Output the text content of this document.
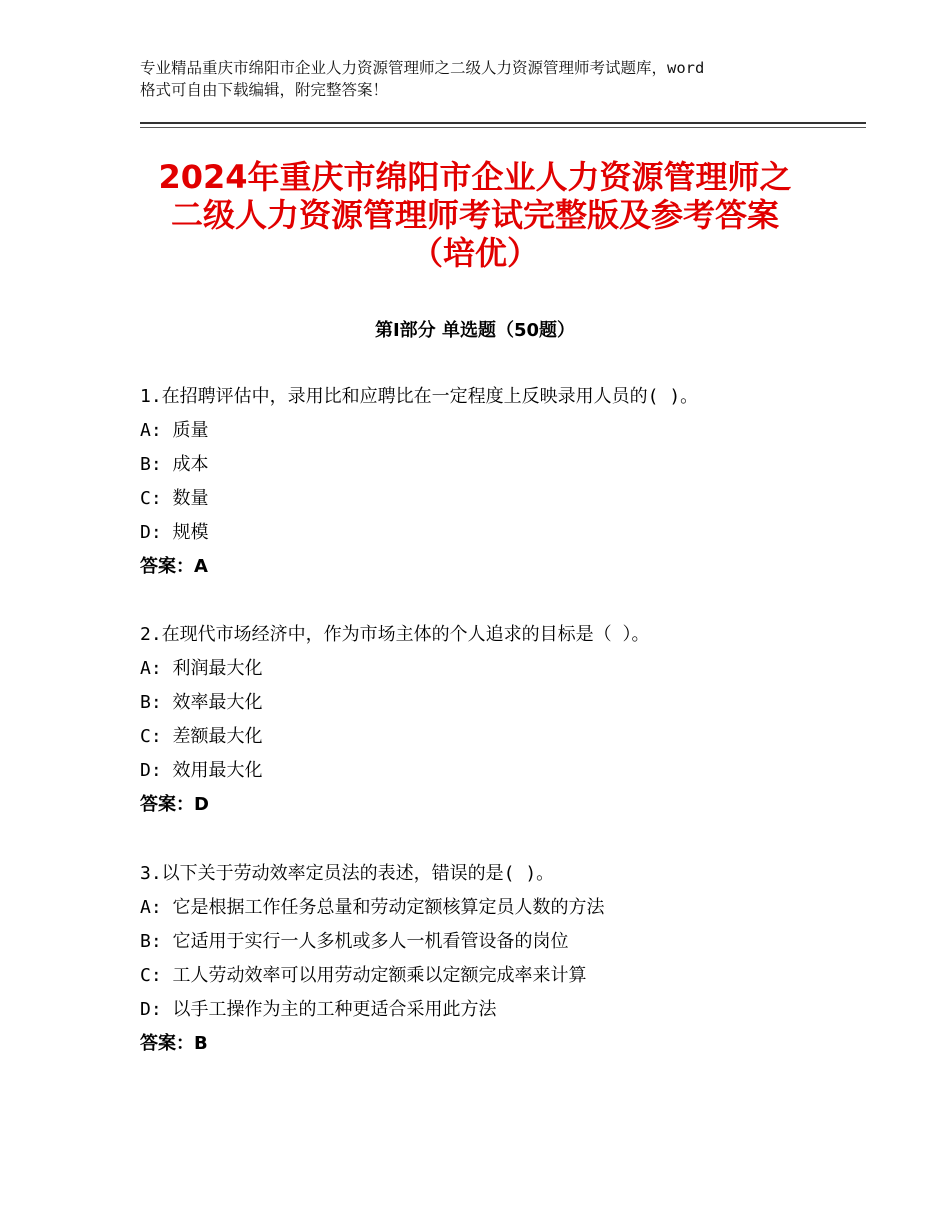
专业精品重庆市绵阳市企业人力资源管理师之二级人力资源管理师考试题库，word
格式可自由下载编辑，附完整答案！
2024年重庆市绵阳市企业人力资源管理师之
二级人力资源管理师考试完整版及参考答案
（培优）
第Ⅰ部分 单选题（50题）
1.在招聘评估中，录用比和应聘比在一定程度上反映录用人员的( )。
A: 质量
B: 成本
C: 数量
D: 规模
答案：A
2.在现代市场经济中，作为市场主体的个人追求的目标是（ ）。
A: 利润最大化
B: 效率最大化
C: 差额最大化
D: 效用最大化
答案：D
3.以下关于劳动效率定员法的表述，错误的是( )。
A: 它是根据工作任务总量和劳动定额核算定员人数的方法
B: 它适用于实行一人多机或多人一机看管设备的岗位
C: 工人劳动效率可以用劳动定额乘以定额完成率来计算
D: 以手工操作为主的工种更适合采用此方法
答案：B
